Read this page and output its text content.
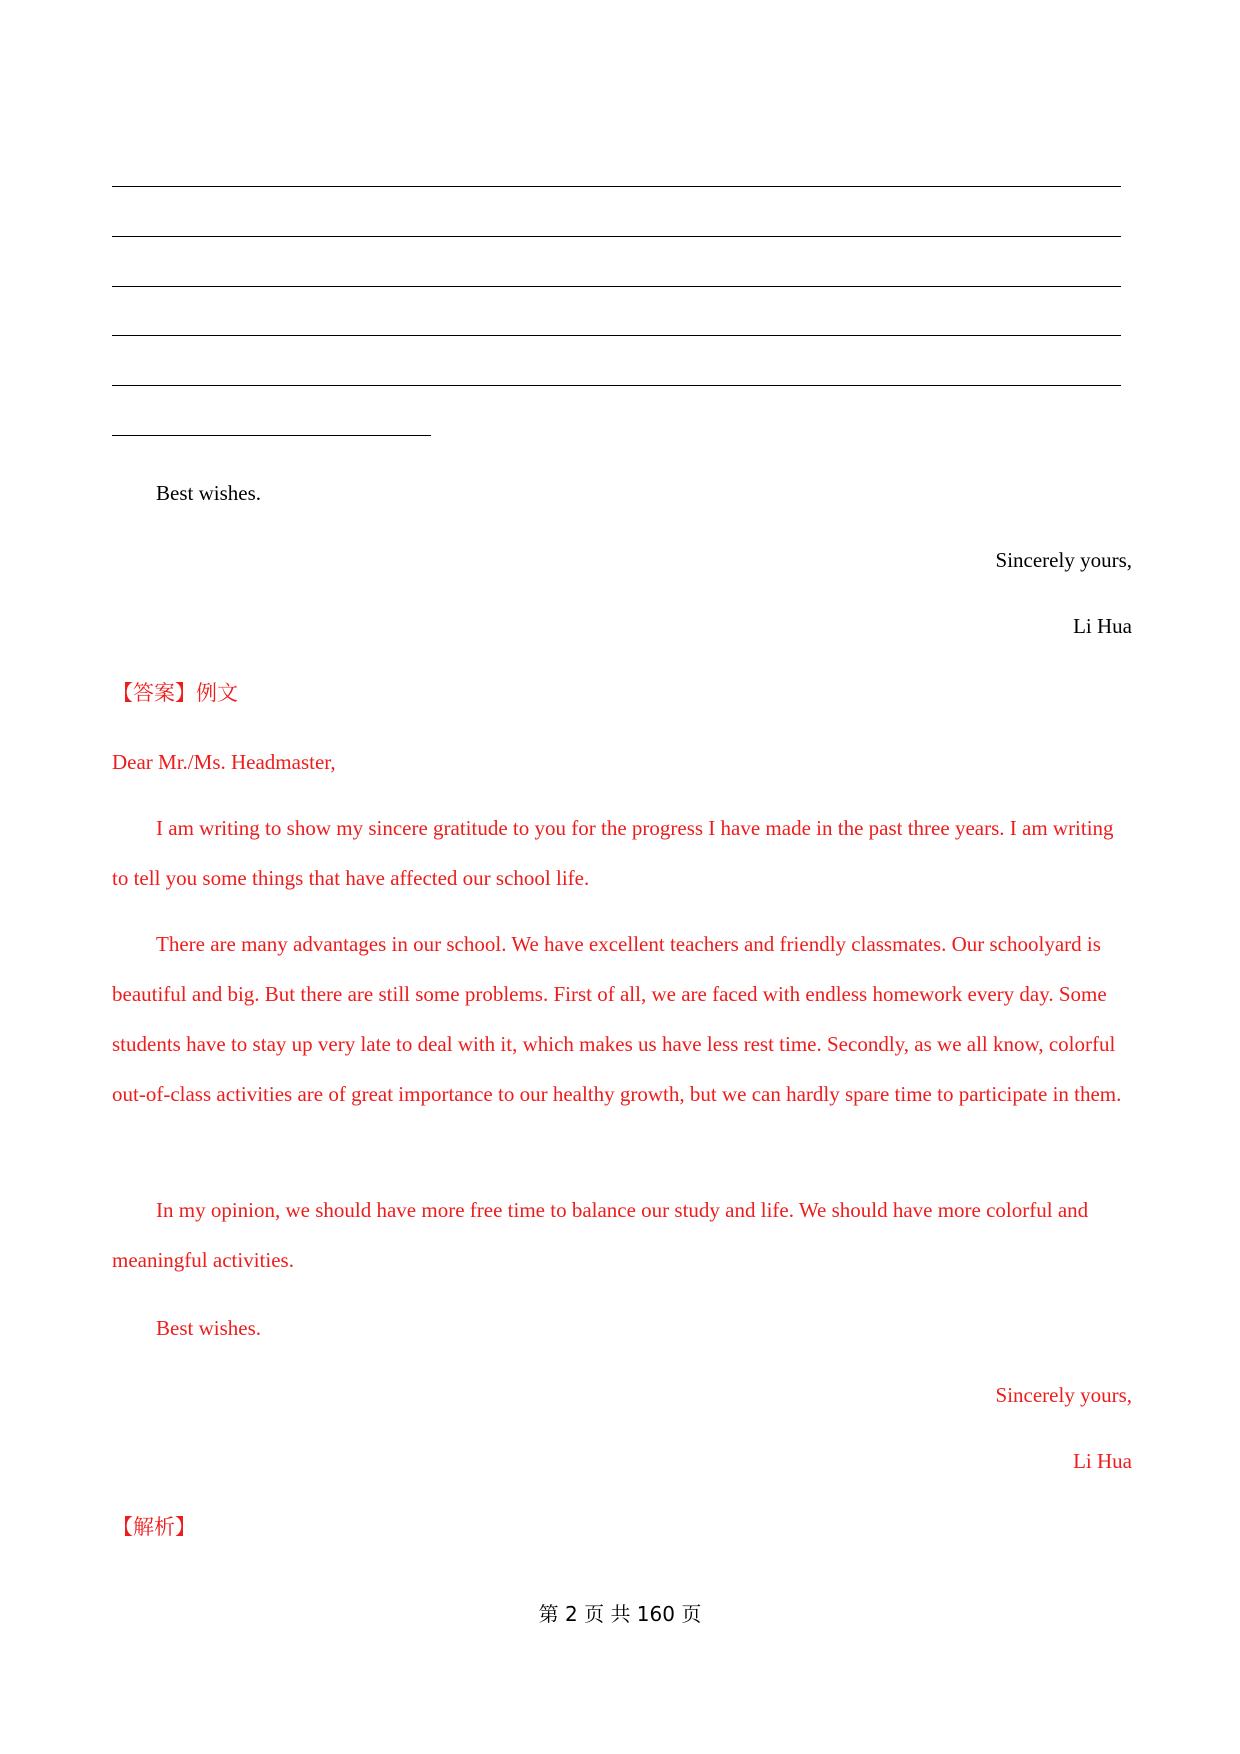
Best wishes.
Sincerely yours,
Li Hua
【答案】例文
Dear Mr./Ms. Headmaster,

I am writing to show my sincere gratitude to you for the progress I have made in the past three years. I am writing to tell you some things that have affected our school life.

There are many advantages in our school. We have excellent teachers and friendly classmates. Our schoolyard is beautiful and big. But there are still some problems. First of all, we are faced with endless homework every day. Some students have to stay up very late to deal with it, which makes us have less rest time. Secondly, as we all know, colorful out-of-class activities are of great importance to our healthy growth, but we can hardly spare time to participate in them.

In my opinion, we should have more free time to balance our study and life. We should have more colorful and meaningful activities.

Best wishes.
Sincerely yours,
Li Hua
【解析】
第 2 页 共 160 页
